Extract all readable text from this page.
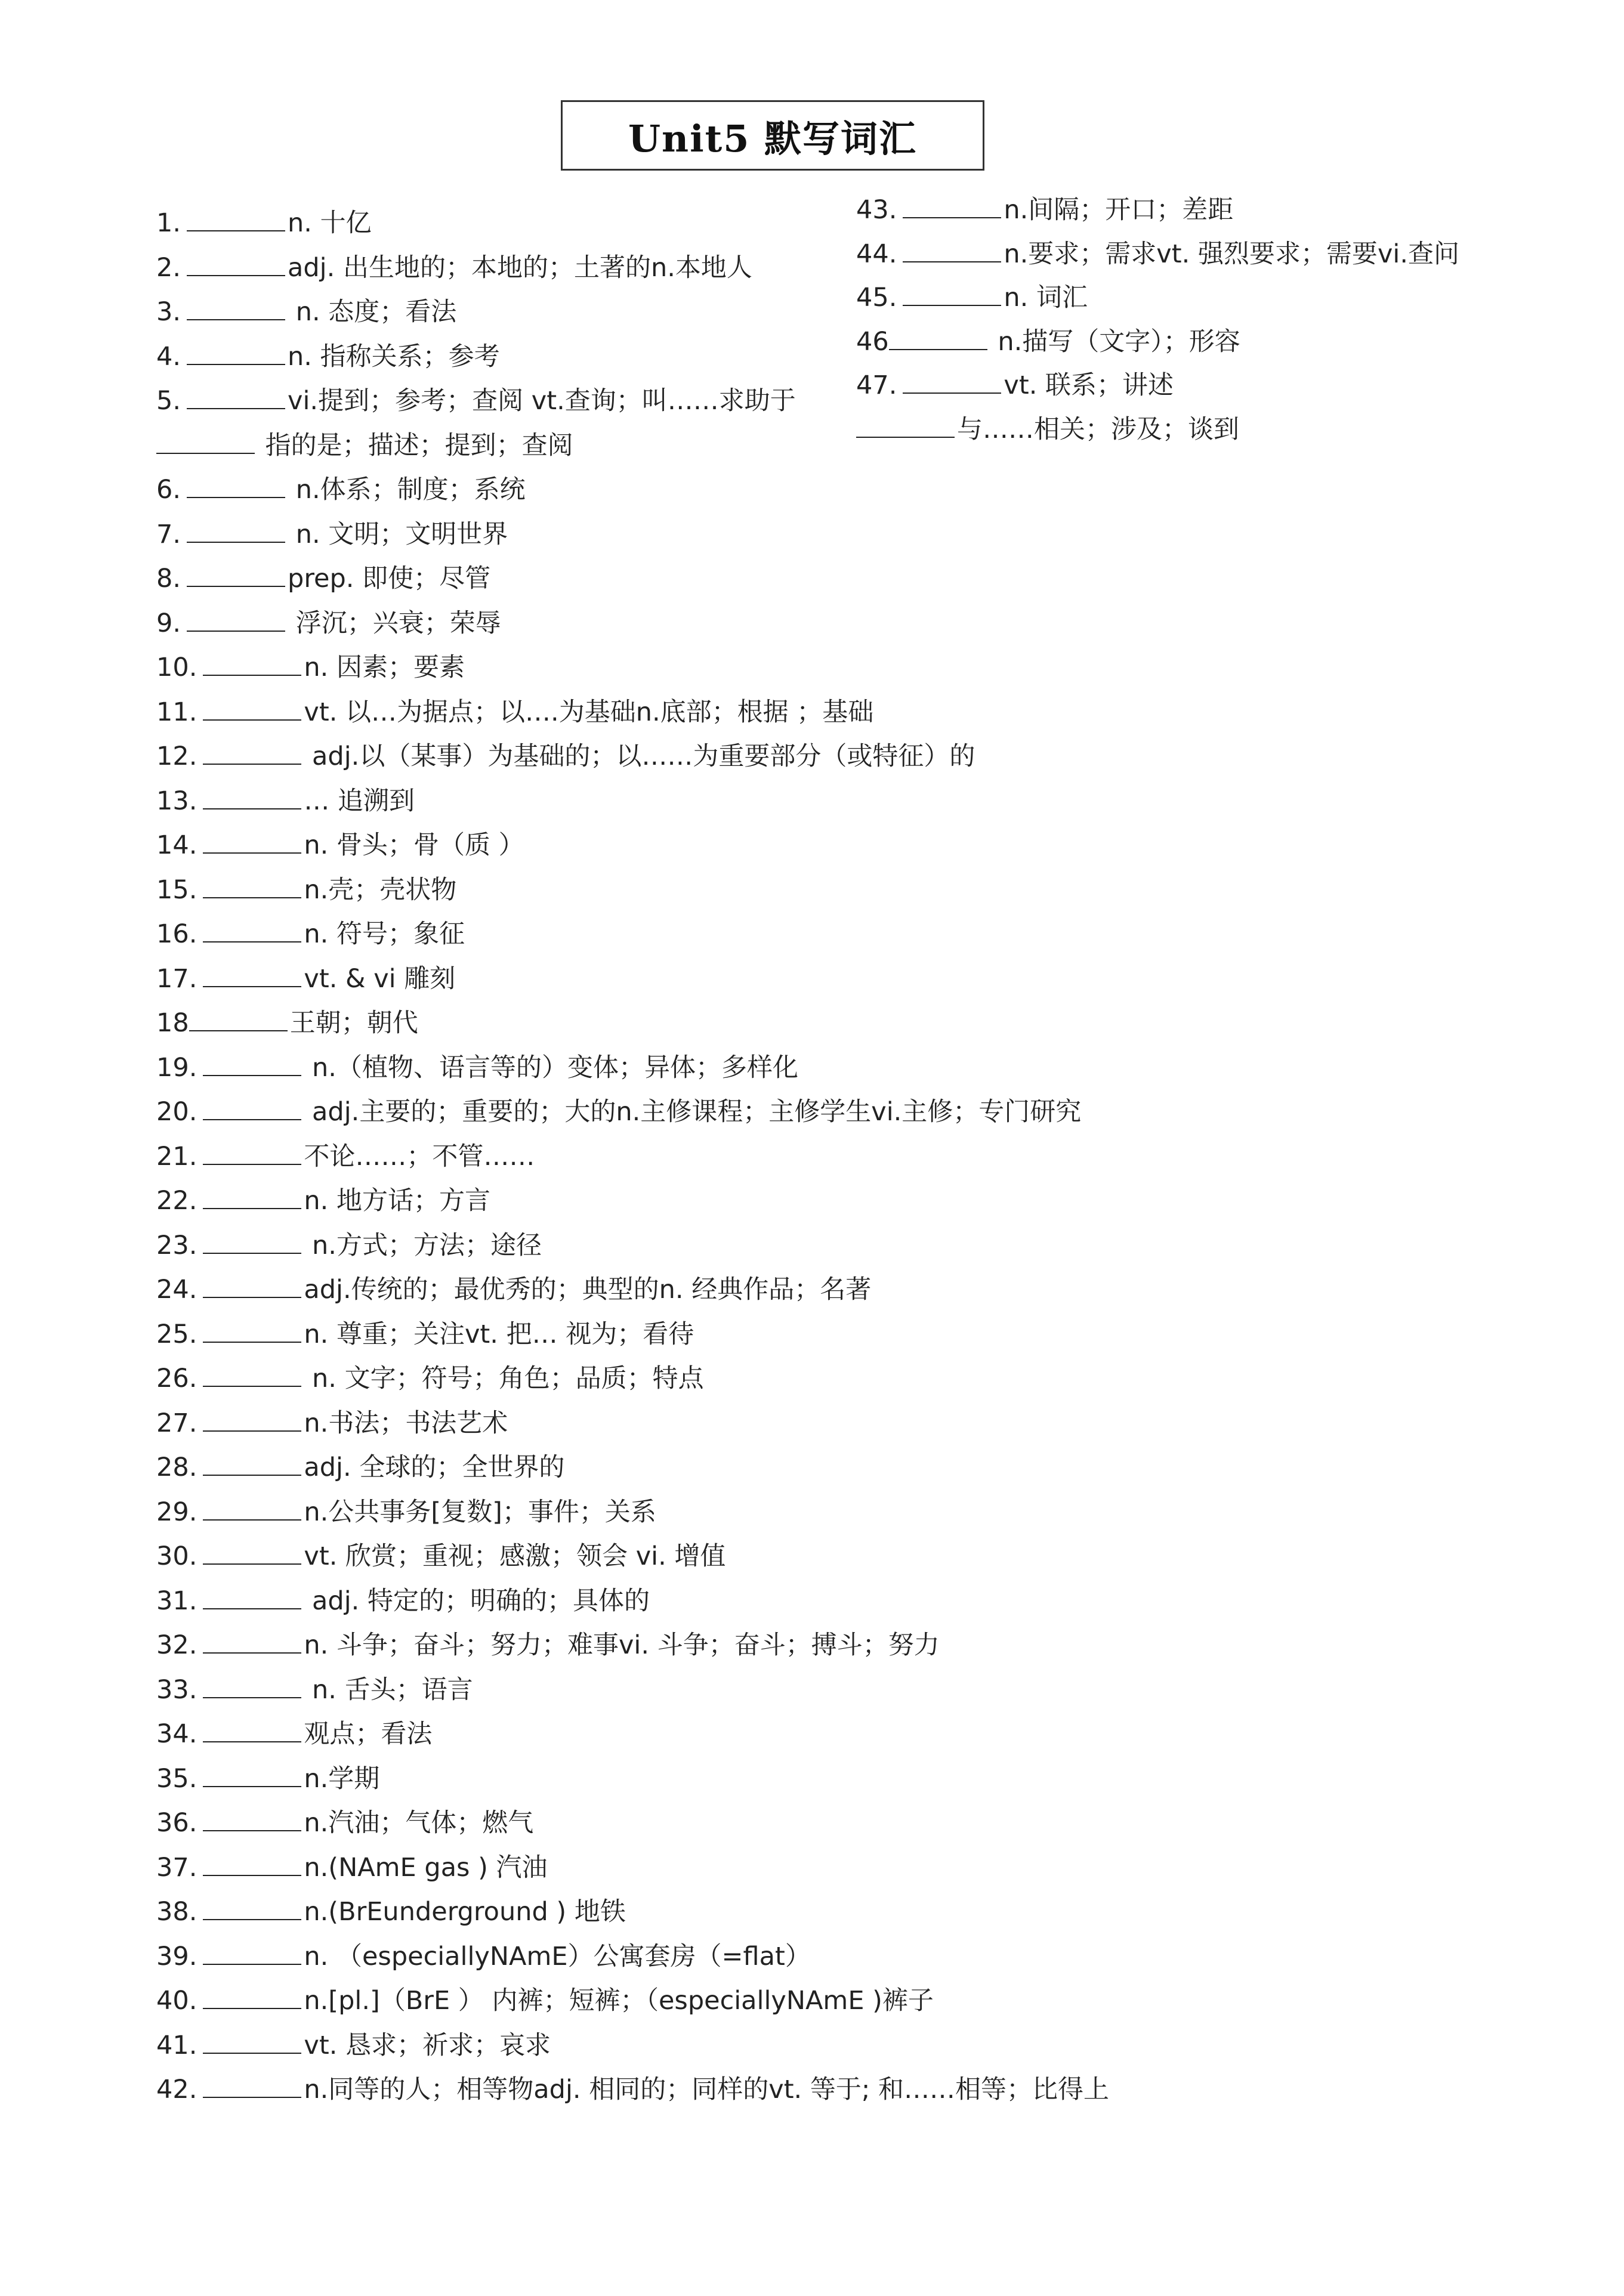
Unit5 默写词汇
1.	n. 十亿
2.	adj. 出生地的；本地的；土著的n.本地人
3.	n. 态度；看法
4.	n. 指称关系；参考
5.	vi.提到；参考；查阅 vt.查询；叫……求助于
指的是；描述；提到；查阅
6.	n.体系；制度；系统
7.	n. 文明；文明世界
8.	prep. 即使；尽管
9.	浮沉；兴衰；荣辱
10.	n. 因素；要素
11.	vt. 以…为据点；以….为基础n.底部；根据 ；基础
12.	adj.以（某事）为基础的；以……为重要部分（或特征）的
13.	… 追溯到
14.	n. 骨头；骨（质 ）
15.	n.壳；壳状物
16.	n. 符号；象征
17.	vt. & vi 雕刻
18	王朝；朝代
19.	n.（植物、语言等的）变体；异体；多样化
20.	adj.主要的；重要的；大的n.主修课程；主修学生vi.主修；专门研究
21.	不论……；不管……
22.	n. 地方话；方言
23.	n.方式；方法；途径
24.	adj.传统的；最优秀的；典型的n. 经典作品；名著
25.	n. 尊重；关注vt. 把… 视为；看待
26.	n. 文字；符号；角色；品质；特点
27.	n.书法；书法艺术
28.	adj. 全球的；全世界的
29.	n.公共事务[复数]；事件；关系
30.	vt. 欣赏；重视；感激；领会 vi. 增值
31.	adj. 特定的；明确的；具体的
32.	n. 斗争；奋斗；努力；难事vi. 斗争；奋斗；搏斗；努力
33.	n. 舌头；语言
34.	观点；看法
35.	n.学期
36.	n.汽油；气体；燃气
37.	n.(NAmE gas ) 汽油
38.	n.(BrEunderground ) 地铁
39.	n. （especiallyNAmE）公寓套房（=flat）
40.	n.[pl.]（BrE ） 内裤；短裤；（especiallyNAmE )裤子
41.	vt. 恳求；祈求；哀求
42.	n.同等的人；相等物adj. 相同的；同样的vt. 等于; 和……相等；比得上
43.	n.间隔；开口；差距
44.	n.要求；需求vt. 强烈要求；需要vi.查问
45.	n. 词汇
46	n.描写（文字）；形容
47.	vt. 联系；讲述
与……相关；涉及；谈到
